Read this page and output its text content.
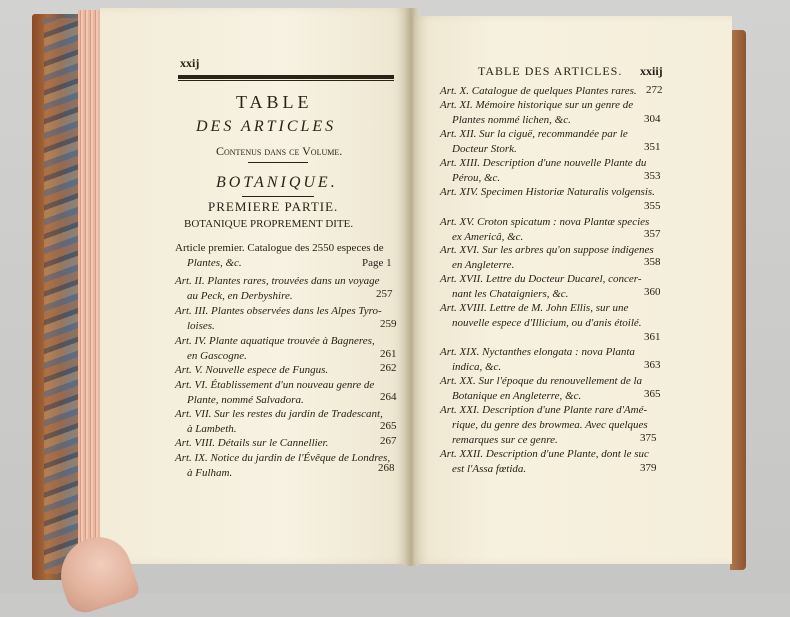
xxij
TABLE
DES ARTICLES
Contenus dans ce Volume.
BOTANIQUE.
PREMIERE PARTIE.
BOTANIQUE PROPREMENT DITE.
Article premier. Catalogue des 2550 especes de
Plantes, &c.	Page 1
Art. II. Plantes rares, trouvées dans un voyage
au Peck, en Derbyshire.	257
Art. III. Plantes observées dans les Alpes Tyro-
loises.	259
Art. IV. Plante aquatique trouvée à Bagneres,
en Gascogne.	261
Art. V. Nouvelle espece de Fungus.	262
Art. VI. Établissement d'un nouveau genre de
Plante, nommé Salvadora.	264
Art. VII. Sur les restes du jardin de Tradescant,
à Lambeth.	265
Art. VIII. Détails sur le Cannellier.	267
Art. IX. Notice du jardin de l'Évêque de Londres,
à Fulham.	268
TABLE DES ARTICLES. xxiij
Art. X. Catalogue de quelques Plantes rares. 272
Art. XI. Mémoire historique sur un genre de
Plantes nommé lichen, &c.	304
Art. XII. Sur la ciguë, recommandée par le
Docteur Stork.	351
Art. XIII. Description d'une nouvelle Plante du
Pérou, &c.	353
Art. XIV. Specimen Historiæ Naturalis volgensis.
355
Art. XV. Croton spicatum : nova Plantæ species
ex Americâ, &c.	357
Art. XVI. Sur les arbres qu'on suppose indigenes
en Angleterre.	358
Art. XVII. Lettre du Docteur Ducarel, concer-
nant les Chataigniers, &c.	360
Art. XVIII. Lettre de M. John Ellis, sur une
nouvelle espece d'Illicium, ou d'anis étoilé.
361
Art. XIX. Nyctanthes elongata : nova Planta
indica, &c.	363
Art. XX. Sur l'époque du renouvellement de la
Botanique en Angleterre, &c.	365
Art. XXI. Description d'une Plante rare d'Amé-
rique, du genre des browmea. Avec quelques
remarques sur ce genre.	375
Art. XXII. Description d'une Plante, dont le suc
est l'Assa fœtida.	379
